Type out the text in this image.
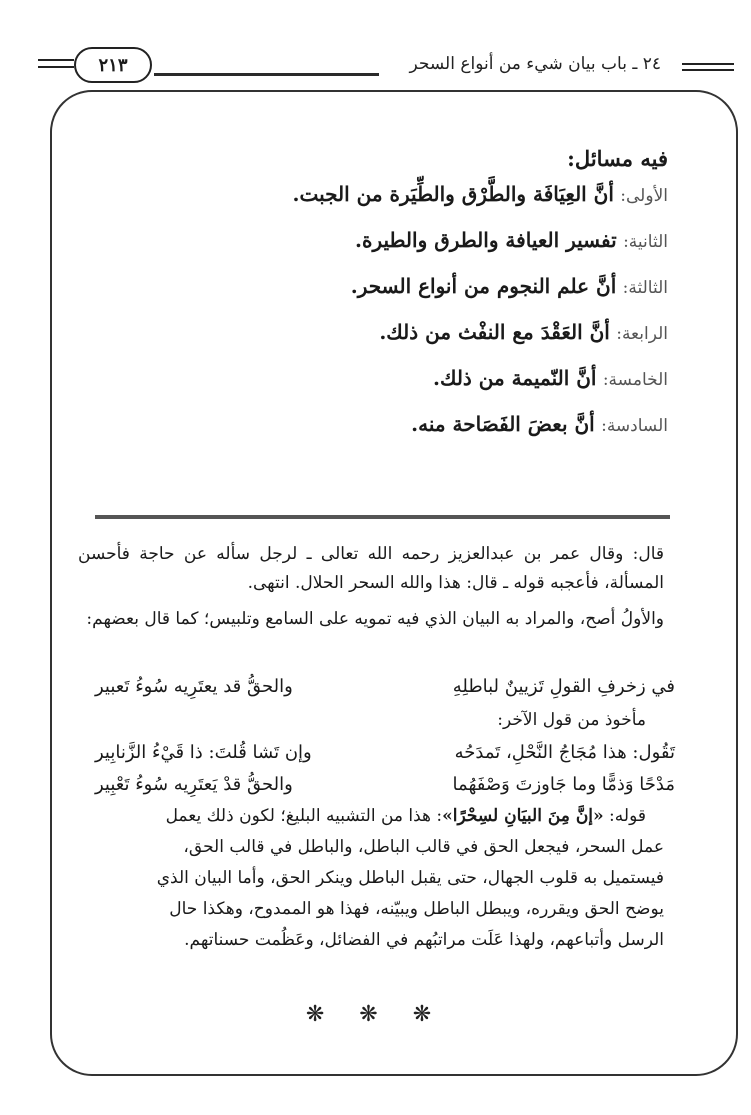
٢٤ ـ باب بيان شيء من أنواع السحر
٢١٣
فيه مسائل:
الأولى: أنَّ العِيَافَة والطَّرْق والطِّيَرة من الجبت.
الثانية: تفسير العيافة والطرق والطيرة.
الثالثة: أنَّ علم النجوم من أنواع السحر.
الرابعة: أنَّ العَقْدَ مع النفْث من ذلك.
الخامسة: أنَّ النّميمة من ذلك.
السادسة: أنَّ بعضَ الفَصَاحة منه.
قال: وقال عمر بن عبدالعزيز رحمه الله تعالى ـ لرجل سأله عن حاجة فأحسن المسألة، فأعجبه قوله ـ قال: هذا والله السحر الحلال. انتهى.
والأولُ أصح، والمراد به البيان الذي فيه تمويه على السامع وتلبيس؛ كما قال بعضهم:
في زخرفِ القولِ تَزيينٌ لباطلِهِ
والحقُّ قد يعتَرِيه سُوءُ تَعبير
مأخوذ من قول الآخر:
تَقُول: هذا مُجَاجُ النَّحْلِ، تَمدَحُه
وإن تَشا قُلتَ: ذا قَيْءُ الزَّنابِير
مَدْحًا وَذمًّا وما جَاوزتَ وَصْفَهُما
والحقُّ قدْ يَعتَرِيه سُوءُ تَعْبِير
قوله: «إنَّ مِنَ البيَانِ لسِحْرًا»: هذا من التشبيه البليغ؛ لكون ذلك يعمل
عمل السحر، فيجعل الحق في قالب الباطل، والباطل في قالب الحق،
فيستميل به قلوب الجهال، حتى يقبل الباطل وينكر الحق، وأما البيان الذي
يوضح الحق ويقرره، ويبطل الباطل ويبيّنه، فهذا هو الممدوح، وهكذا حال
الرسل وأتباعهم، ولهذا عَلَت مراتبُهم في الفضائل، وعَظُمت حسناتهم.
❋ ❋ ❋
